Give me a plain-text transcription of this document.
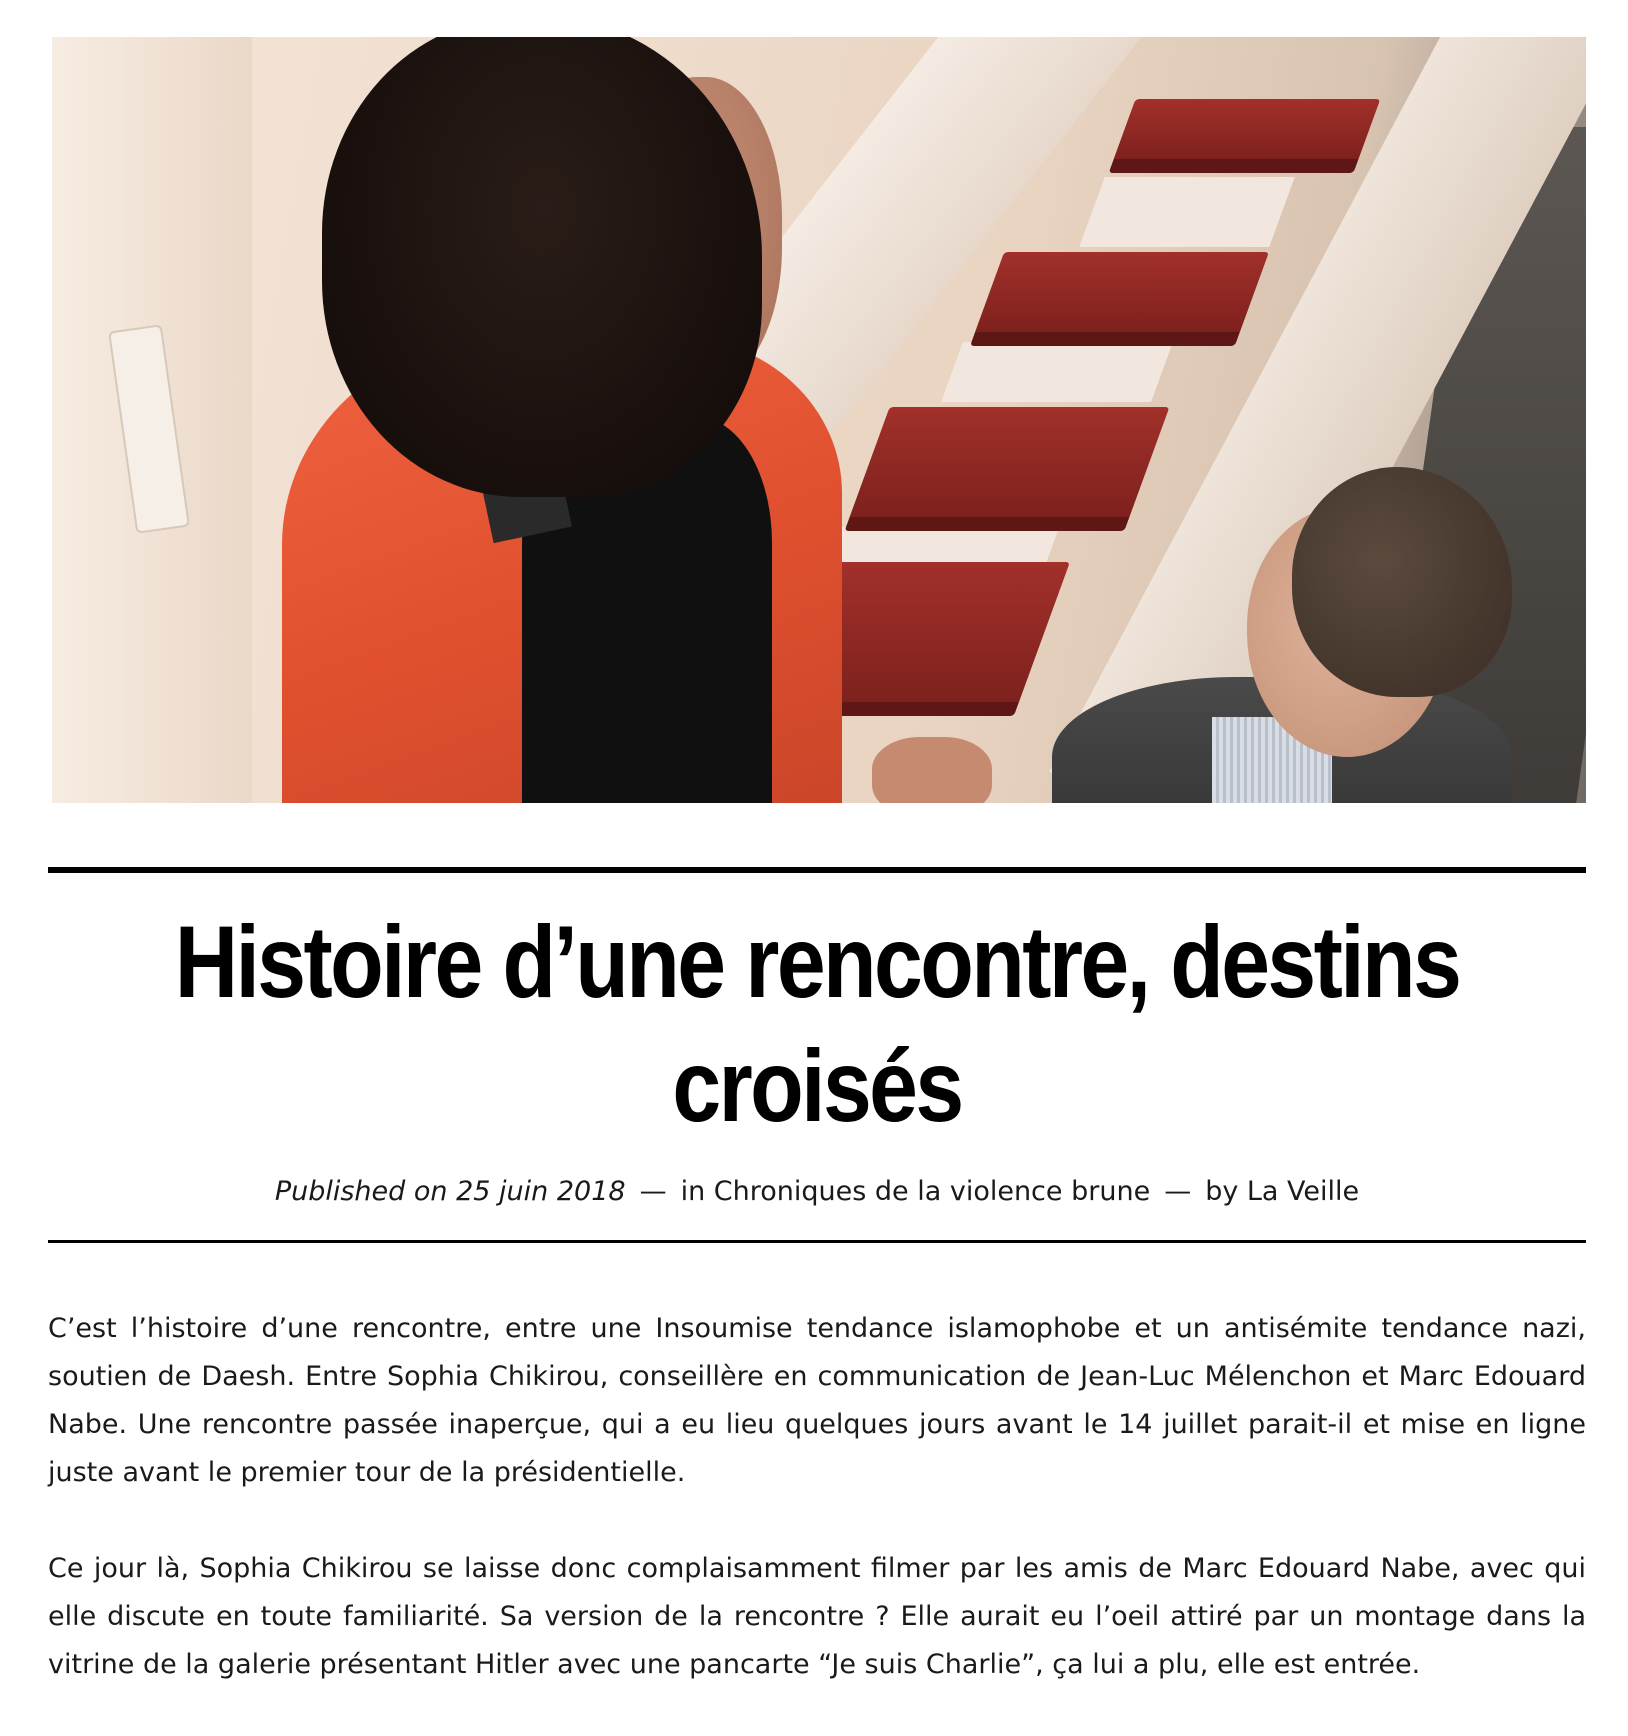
Histoire d’une rencontre, destins croisés
Published on 25 juin 2018 — in Chroniques de la violence brune — by La Veille

C’est l’histoire d’une rencontre, entre une Insoumise tendance islamophobe et un antisémite tendance nazi, soutien de Daesh. Entre Sophia Chikirou, conseillère en communication de Jean-Luc Mélenchon et Marc Edouard Nabe. Une rencontre passée inaperçue, qui a eu lieu quelques jours avant le 14 juillet parait-il et mise en ligne juste avant le premier tour de la présidentielle.

Ce jour là, Sophia Chikirou se laisse donc complaisamment filmer par les amis de Marc Edouard Nabe, avec qui elle discute en toute familiarité. Sa version de la rencontre ? Elle aurait eu l’oeil attiré par un montage dans la vitrine de la galerie présentant Hitler avec une pancarte “Je suis Charlie”, ça lui a plu, elle est entrée.
